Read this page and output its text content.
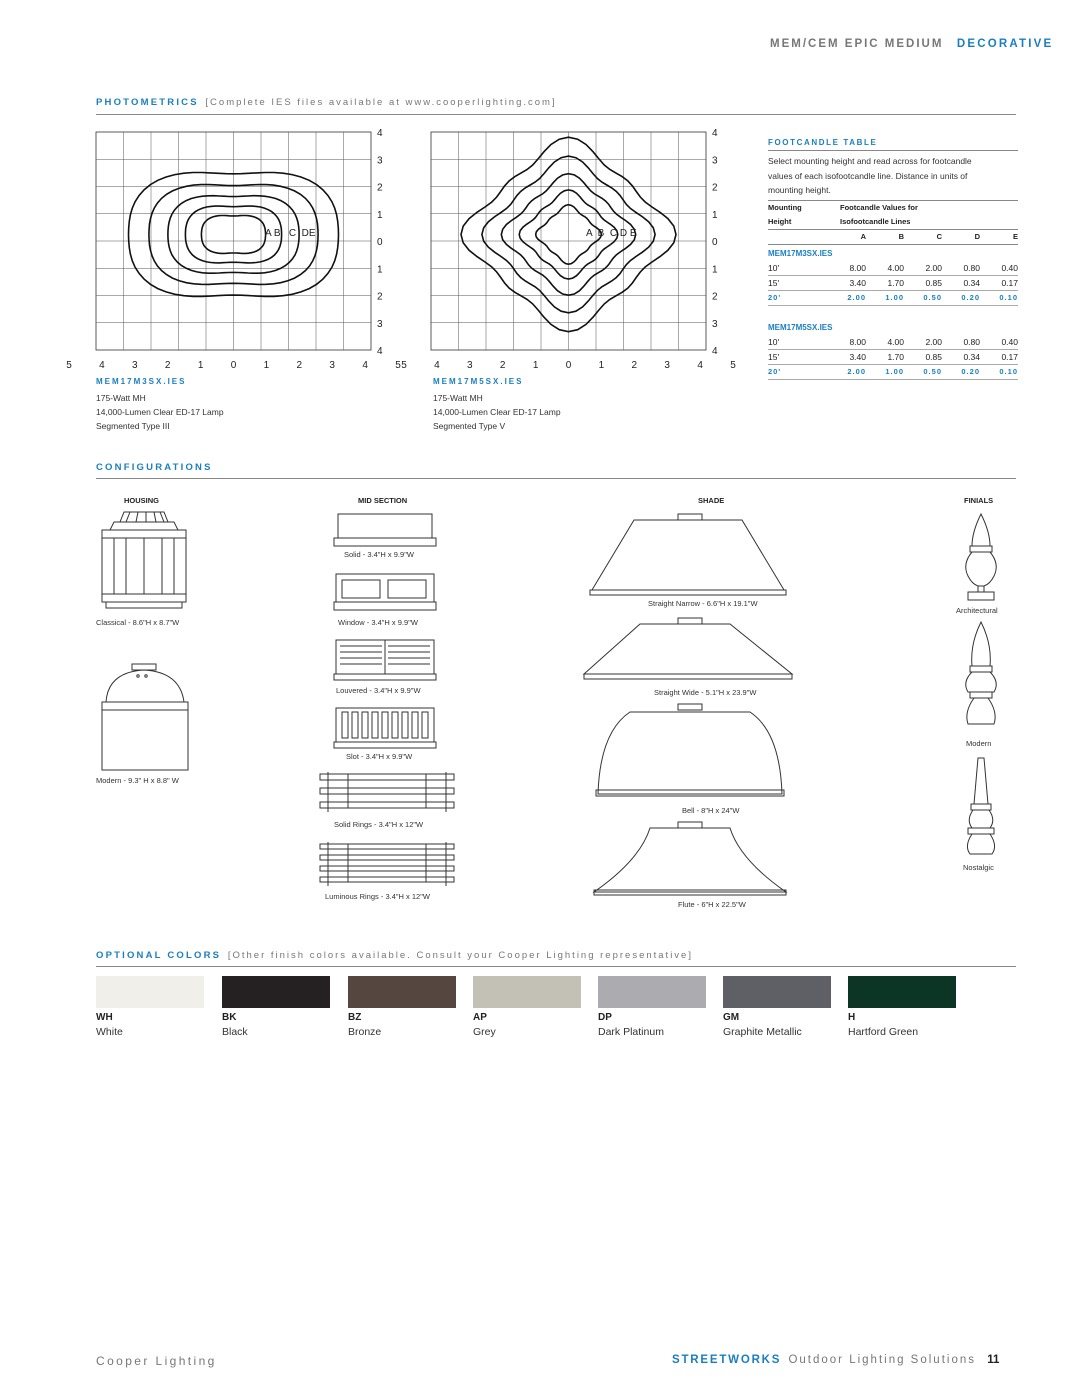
MEM/CEM EPIC MEDIUM DECORATIVE
PHOTOMETRICS [Complete IES files available at www.cooperlighting.com]
4
3
2
1
0
1
2
3
4
5	4	3	2	1	0	1	2	3	4	5
4
3
2
1
0
1
2
3
4
5	4	3	2	1	0	1	2	3	4	5
A B   C  DE	A  B  C D E
MEM17M3SX.IES
175-Watt MH
14,000-Lumen Clear ED-17 Lamp
Segmented Type III
MEM17M5SX.IES
175-Watt MH
14,000-Lumen Clear ED-17 Lamp
Segmented Type V
FOOTCANDLE TABLE
Select mounting height and read across for footcandle
values of each isofootcandle line. Distance in units of
mounting height.
Mounting	Footcandle Values for
Height	Isofootcandle Lines
A	B	C	D	E
MEM17M3SX.IES
10'	8.00	4.00	2.00	0.80	0.40
15'	3.40	1.70	0.85	0.34	0.17
20'	2.00	1.00	0.50	0.20	0.10
MEM17M5SX.IES
10'	8.00	4.00	2.00	0.80	0.40
15'	3.40	1.70	0.85	0.34	0.17
20'	2.00	1.00	0.50	0.20	0.10
CONFIGURATIONS
HOUSING	MID SECTION	SHADE	FINIALS
Classical - 8.6"H x 8.7"W
Modern - 9.3" H x 8.8" W
Solid - 3.4"H x 9.9"W
Window - 3.4"H x 9.9"W
Louvered - 3.4"H x 9.9"W
Slot - 3.4"H x 9.9"W
Solid Rings - 3.4"H x 12"W
Luminous Rings - 3.4"H x 12"W
Straight Narrow - 6.6"H x 19.1"W
Straight Wide - 5.1"H x 23.9"W
Bell - 8"H x 24"W
Flute - 6"H x 22.5"W
Architectural
Modern
Nostalgic
OPTIONAL COLORS [Other finish colors available. Consult your Cooper Lighting representative]
WH
White
BK
Black
BZ
Bronze
AP
Grey
DP
Dark Platinum
GM
Graphite Metallic
H
Hartford Green
Cooper Lighting	STREETWORKS Outdoor Lighting Solutions 11
